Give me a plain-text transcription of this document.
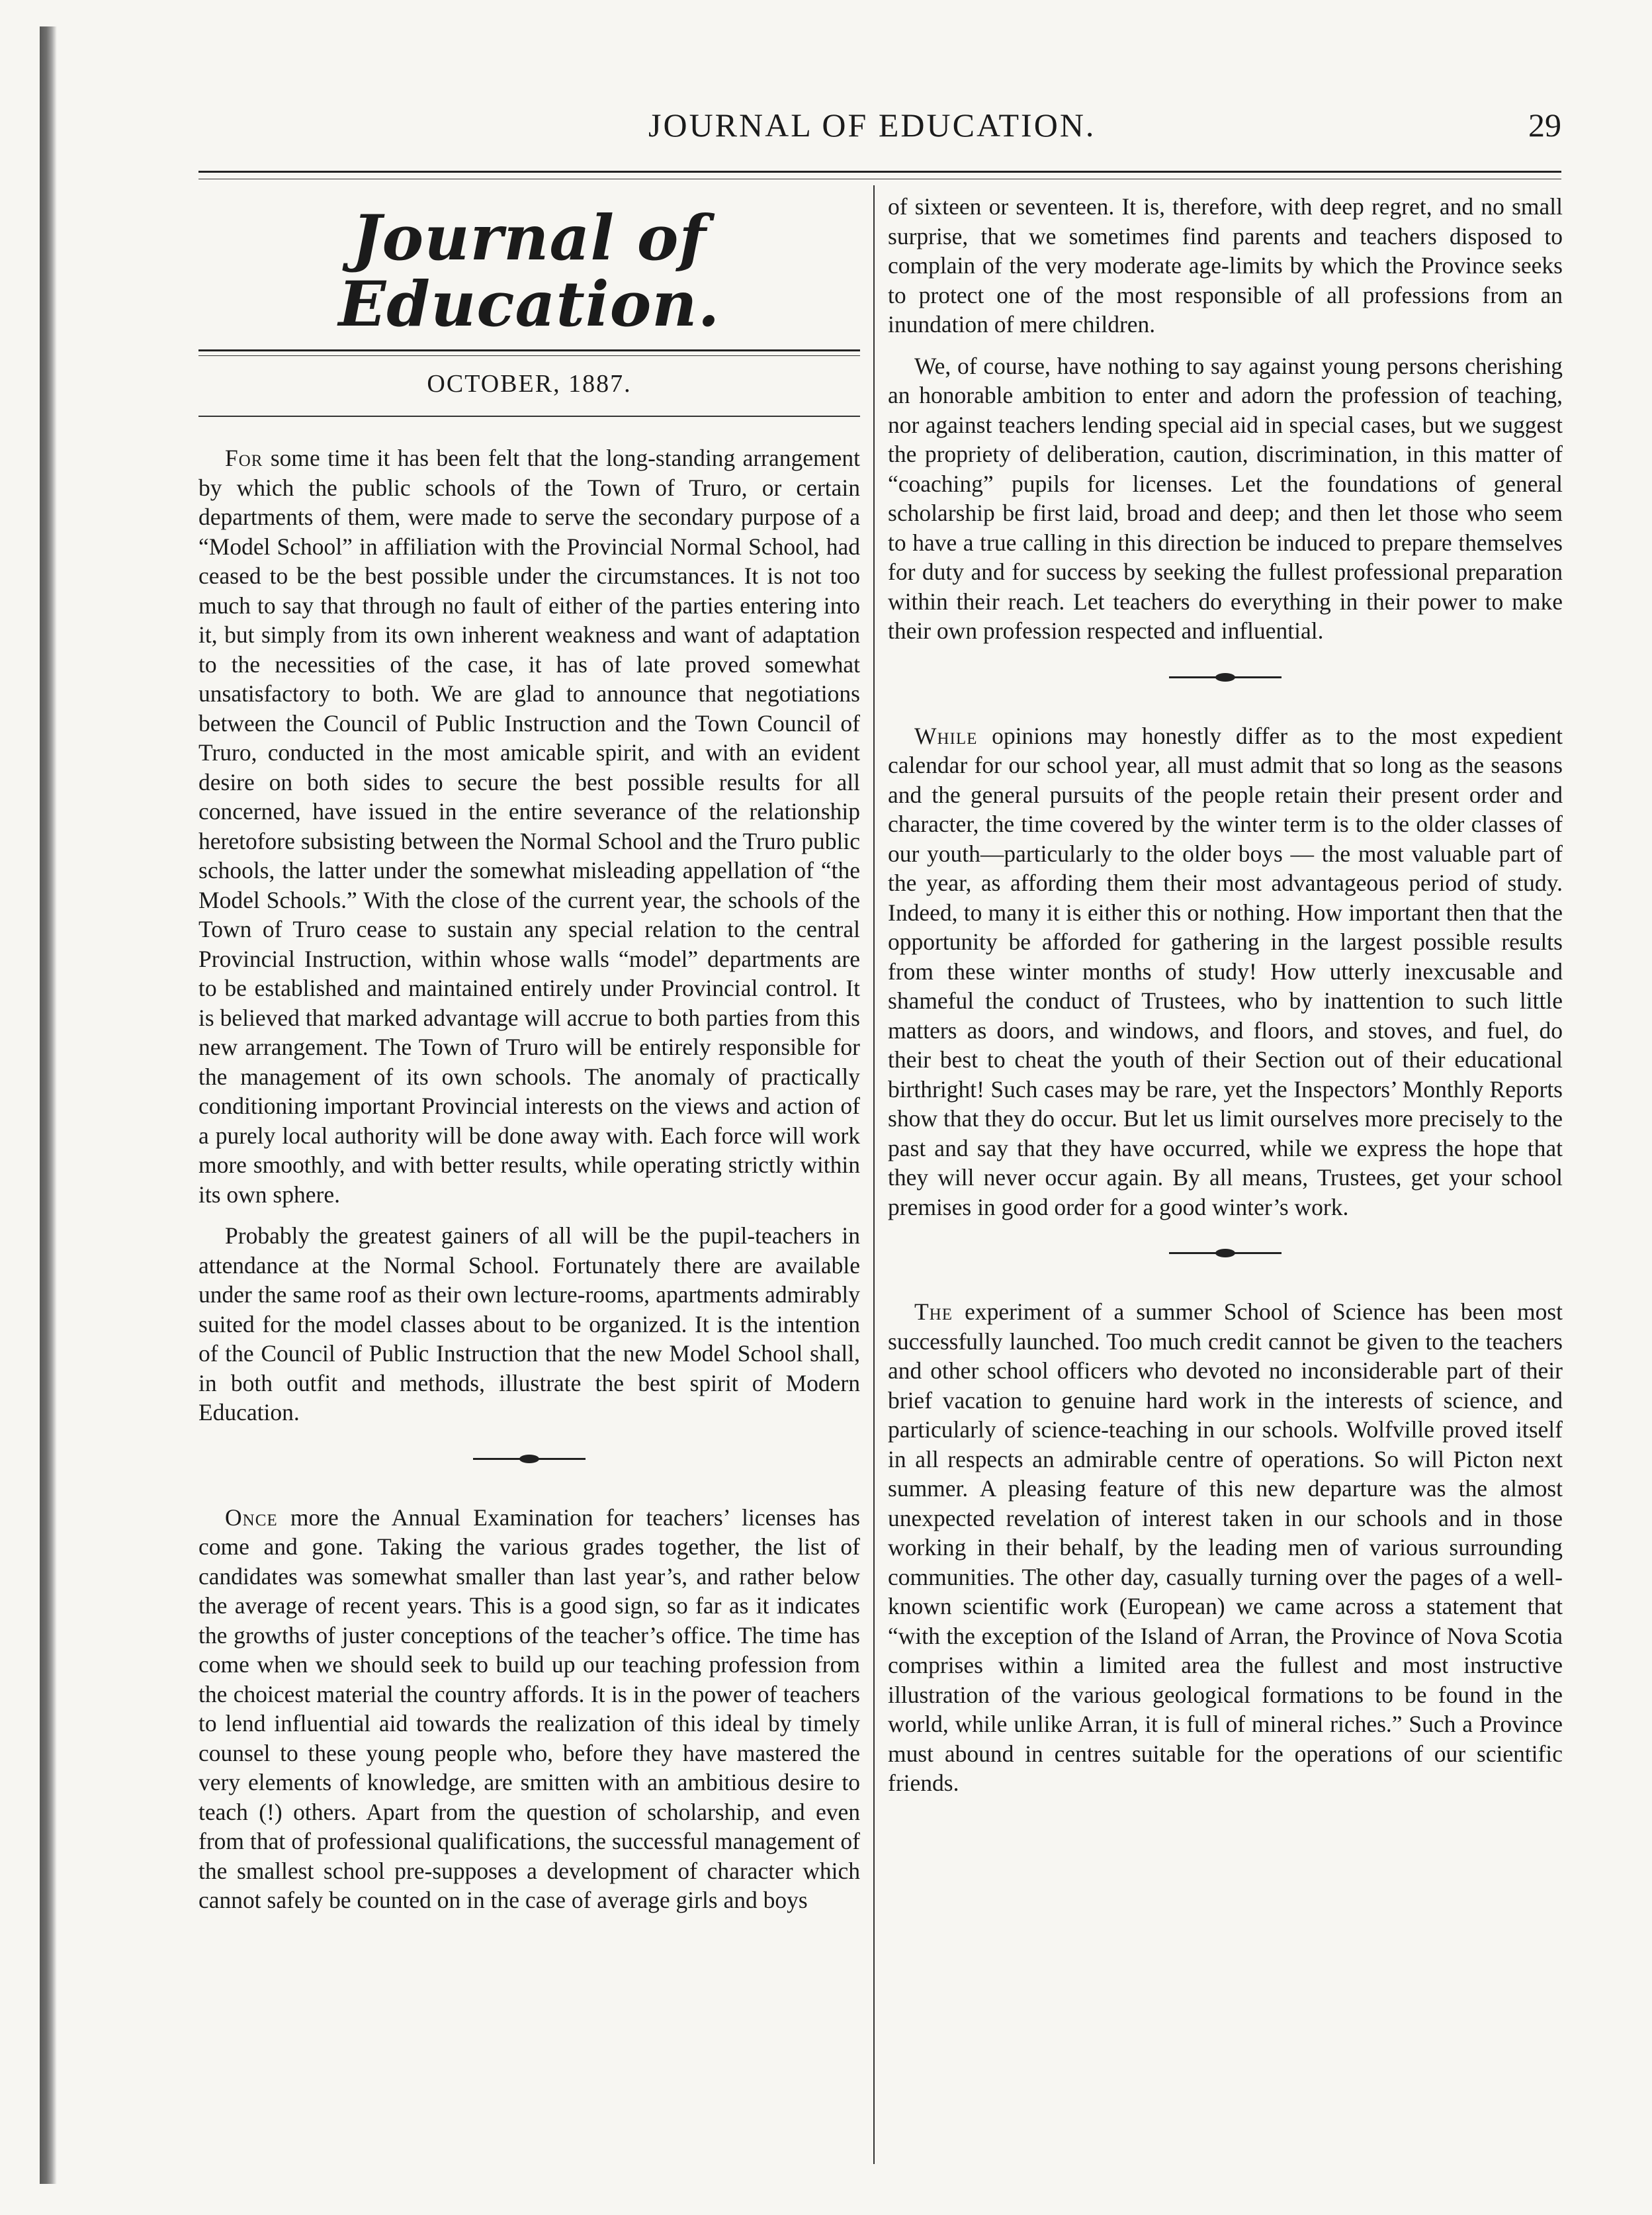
JOURNAL OF EDUCATION.	29
Journal of Education.
OCTOBER, 1887.

For some time it has been felt that the long-standing arrangement by which the public schools of the Town of Truro, or certain departments of them, were made to serve the secondary purpose of a “Model School” in affiliation with the Provincial Normal School, had ceased to be the best possible under the circumstances. It is not too much to say that through no fault of either of the parties entering into it, but simply from its own inherent weakness and want of adaptation to the necessities of the case, it has of late proved somewhat unsatisfactory to both. We are glad to announce that negotiations between the Council of Public Instruction and the Town Council of Truro, conducted in the most amicable spirit, and with an evident desire on both sides to secure the best possible results for all concerned, have issued in the entire severance of the relationship heretofore subsisting between the Normal School and the Truro public schools, the latter under the somewhat misleading appellation of “the Model Schools.” With the close of the current year, the schools of the Town of Truro cease to sustain any special relation to the central Provincial Instruction, within whose walls “model” departments are to be established and maintained entirely under Provincial control. It is believed that marked advantage will accrue to both parties from this new arrangement. The Town of Truro will be entirely responsible for the management of its own schools. The anomaly of practically conditioning important Provincial interests on the views and action of a purely local authority will be done away with. Each force will work more smoothly, and with better results, while operating strictly within its own sphere.

Probably the greatest gainers of all will be the pupil-teachers in attendance at the Normal School. Fortunately there are available under the same roof as their own lecture-rooms, apartments admirably suited for the model classes about to be organized. It is the intention of the Council of Public Instruction that the new Model School shall, in both outfit and methods, illustrate the best spirit of Modern Education.

Once more the Annual Examination for teachers’ licenses has come and gone. Taking the various grades together, the list of candidates was somewhat smaller than last year’s, and rather below the average of recent years. This is a good sign, so far as it indicates the growths of juster conceptions of the teacher’s office. The time has come when we should seek to build up our teaching profession from the choicest material the country affords. It is in the power of teachers to lend influential aid towards the realization of this ideal by timely counsel to these young people who, before they have mastered the very elements of knowledge, are smitten with an ambitious desire to teach (!) others. Apart from the question of scholarship, and even from that of professional qualifications, the successful management of the smallest school pre-supposes a development of character which cannot safely be counted on in the case of average girls and boys

of sixteen or seventeen. It is, therefore, with deep regret, and no small surprise, that we sometimes find parents and teachers disposed to complain of the very moderate age-limits by which the Province seeks to protect one of the most responsible of all professions from an inundation of mere children.

We, of course, have nothing to say against young persons cherishing an honorable ambition to enter and adorn the profession of teaching, nor against teachers lending special aid in special cases, but we suggest the propriety of deliberation, caution, discrimination, in this matter of “coaching” pupils for licenses. Let the foundations of general scholarship be first laid, broad and deep; and then let those who seem to have a true calling in this direction be induced to prepare themselves for duty and for success by seeking the fullest professional preparation within their reach. Let teachers do everything in their power to make their own profession respected and influential.

While opinions may honestly differ as to the most expedient calendar for our school year, all must admit that so long as the seasons and the general pursuits of the people retain their present order and character, the time covered by the winter term is to the older classes of our youth—particularly to the older boys — the most valuable part of the year, as affording them their most advantageous period of study. Indeed, to many it is either this or nothing. How important then that the opportunity be afforded for gathering in the largest possible results from these winter months of study! How utterly inexcusable and shameful the conduct of Trustees, who by inattention to such little matters as doors, and windows, and floors, and stoves, and fuel, do their best to cheat the youth of their Section out of their educational birthright! Such cases may be rare, yet the Inspectors’ Monthly Reports show that they do occur. But let us limit ourselves more precisely to the past and say that they have occurred, while we express the hope that they will never occur again. By all means, Trustees, get your school premises in good order for a good winter’s work.

The experiment of a summer School of Science has been most successfully launched. Too much credit cannot be given to the teachers and other school officers who devoted no inconsiderable part of their brief vacation to genuine hard work in the interests of science, and particularly of science-teaching in our schools. Wolfville proved itself in all respects an admirable centre of operations. So will Picton next summer. A pleasing feature of this new departure was the almost unexpected revelation of interest taken in our schools and in those working in their behalf, by the leading men of various surrounding communities. The other day, casually turning over the pages of a well-known scientific work (European) we came across a statement that “with the exception of the Island of Arran, the Province of Nova Scotia comprises within a limited area the fullest and most instructive illustration of the various geological formations to be found in the world, while unlike Arran, it is full of mineral riches.” Such a Province must abound in centres suitable for the operations of our scientific friends.
